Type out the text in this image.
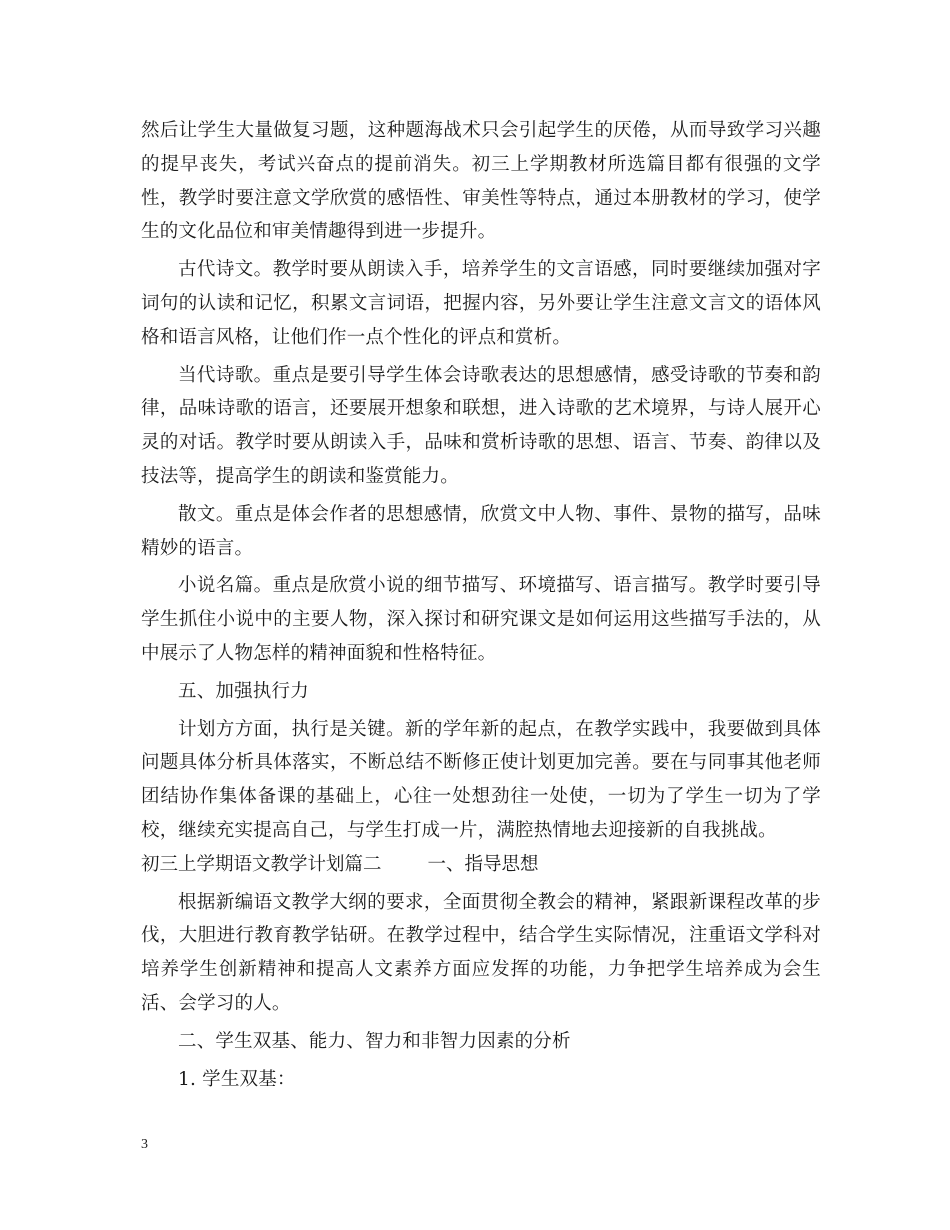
然后让学生大量做复习题，这种题海战术只会引起学生的厌倦，从而导致学习兴趣的提早丧失，考试兴奋点的提前消失。初三上学期教材所选篇目都有很强的文学性，教学时要注意文学欣赏的感悟性、审美性等特点，通过本册教材的学习，使学生的文化品位和审美情趣得到进一步提升。

古代诗文。教学时要从朗读入手，培养学生的文言语感，同时要继续加强对字词句的认读和记忆，积累文言词语，把握内容，另外要让学生注意文言文的语体风格和语言风格，让他们作一点个性化的评点和赏析。

当代诗歌。重点是要引导学生体会诗歌表达的思想感情，感受诗歌的节奏和韵律，品味诗歌的语言，还要展开想象和联想，进入诗歌的艺术境界，与诗人展开心灵的对话。教学时要从朗读入手，品味和赏析诗歌的思想、语言、节奏、韵律以及技法等，提高学生的朗读和鉴赏能力。

散文。重点是体会作者的思想感情，欣赏文中人物、事件、景物的描写，品味精妙的语言。

小说名篇。重点是欣赏小说的细节描写、环境描写、语言描写。教学时要引导学生抓住小说中的主要人物，深入探讨和研究课文是如何运用这些描写手法的，从中展示了人物怎样的精神面貌和性格特征。

五、加强执行力

计划方方面，执行是关键。新的学年新的起点，在教学实践中，我要做到具体问题具体分析具体落实，不断总结不断修正使计划更加完善。要在与同事其他老师团结协作集体备课的基础上，心往一处想劲往一处使，一切为了学生一切为了学校，继续充实提高自己，与学生打成一片，满腔热情地去迎接新的自我挑战。

初三上学期语文教学计划篇二 一、指导思想

根据新编语文教学大纲的要求，全面贯彻全教会的精神，紧跟新课程改革的步伐，大胆进行教育教学钻研。在教学过程中，结合学生实际情况，注重语文学科对培养学生创新精神和提高人文素养方面应发挥的功能，力争把学生培养成为会生活、会学习的人。

二、学生双基、能力、智力和非智力因素的分析

1. 学生双基：

3
